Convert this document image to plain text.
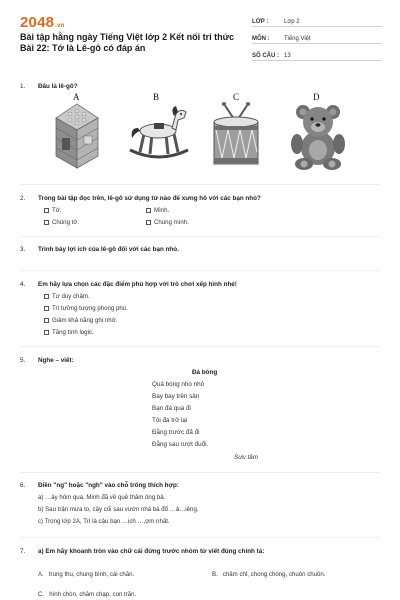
2048.vn
Bài tập hằng ngày Tiếng Việt lớp 2 Kết nối tri thức Bài 22: Tớ là Lê-gô có đáp án
LỚP :	Lớp 2
MÔN :	Tiếng Việt
SỐ CÂU : 13
1.	Đâu là lê-gô?
A	B	C	D
2.	Trong bài tập đọc trên, lê-gô sử dụng từ nào để xưng hô với các bạn nhỏ?
Tớ.	Mình.
Chúng tớ.	Chúng mình.
3.	Trình bày lợi ích của lê-gô đối với các bạn nhỏ.
4.	Em hãy lựa chọn các đặc điểm phù hợp với trò chơi xếp hình nhé!
Tư duy chậm.
Trí tưởng tượng phong phú.
Giảm khả năng ghi nhớ.
Tăng tính logic.
5.	Nghe – viết:
Đá bóng
Quả bóng nho nhỏ
Bay bay trên sân
Bạn đá qua đi
Tôi đá trở lại
Đằng trước đã đi
Đằng sau rượt đuổi.
Sưu tầm
6.	Điền "ng" hoặc "ngh" vào chỗ trống thích hợp:
a) …ày hôm qua, Minh đã về quê thăm ông bà.
b) Sau trận mưa to, cây cối sau vườn nhà bà đổ …ả…iêng.
c) Trong lớp 2A, Trí là cậu bạn …ịch …,ợm nhất.
7.	a) Em hãy khoanh tròn vào chữ cái đứng trước nhóm từ viết đúng chính tả:
A. trung thu, chung bình, cái chăn.	B. chăm chỉ, chong chóng, chuôn chuồn.
C. hình chòn, chăm chạp, con trăn.
